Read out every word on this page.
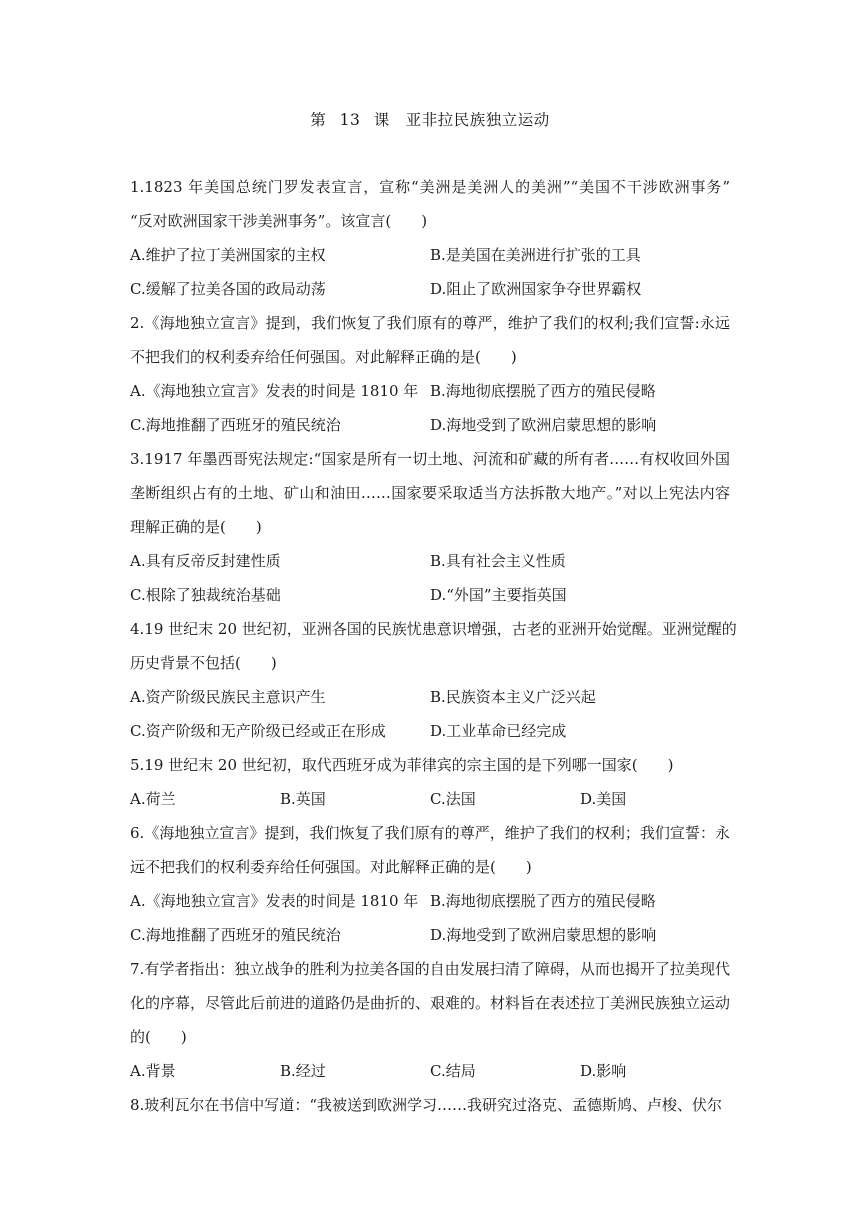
第 13 课　亚非拉民族独立运动
1.1823 年美国总统门罗发表宣言，宣称“美洲是美洲人的美洲”“美国不干涉欧洲事务”
“反对欧洲国家干涉美洲事务”。该宣言(　　)
A.维护了拉丁美洲国家的主权	B.是美国在美洲进行扩张的工具
C.缓解了拉美各国的政局动荡	D.阻止了欧洲国家争夺世界霸权
2.《海地独立宣言》提到，我们恢复了我们原有的尊严，维护了我们的权利;我们宣誓:永远
不把我们的权利委弃给任何强国。对此解释正确的是(　　)
A.《海地独立宣言》发表的时间是 1810 年 B.海地彻底摆脱了西方的殖民侵略
C.海地推翻了西班牙的殖民统治	D.海地受到了欧洲启蒙思想的影响
3.1917 年墨西哥宪法规定:“国家是所有一切土地、河流和矿藏的所有者……有权收回外国
垄断组织占有的土地、矿山和油田……国家要采取适当方法拆散大地产。”对以上宪法内容
理解正确的是(　　)
A.具有反帝反封建性质	B.具有社会主义性质
C.根除了独裁统治基础	D.“外国”主要指英国
4.19 世纪末 20 世纪初，亚洲各国的民族忧患意识增强，古老的亚洲开始觉醒。亚洲觉醒的
历史背景不包括(　　)
A.资产阶级民族民主意识产生	B.民族资本主义广泛兴起
C.资产阶级和无产阶级已经或正在形成	D.工业革命已经完成
5.19 世纪末 20 世纪初，取代西班牙成为菲律宾的宗主国的是下列哪一国家(　　)
A.荷兰	B.英国	C.法国	D.美国
6.《海地独立宣言》提到，我们恢复了我们原有的尊严，维护了我们的权利；我们宣誓：永
远不把我们的权利委弃给任何强国。对此解释正确的是(　　)
A.《海地独立宣言》发表的时间是 1810 年 B.海地彻底摆脱了西方的殖民侵略
C.海地推翻了西班牙的殖民统治	D.海地受到了欧洲启蒙思想的影响
7.有学者指出：独立战争的胜利为拉美各国的自由发展扫清了障碍，从而也揭开了拉美现代
化的序幕，尽管此后前进的道路仍是曲折的、艰难的。材料旨在表述拉丁美洲民族独立运动
的(　　)
A.背景	B.经过	C.结局	D.影响
8.玻利瓦尔在书信中写道：“我被送到欧洲学习……我研究过洛克、孟德斯鸠、卢梭、伏尔
